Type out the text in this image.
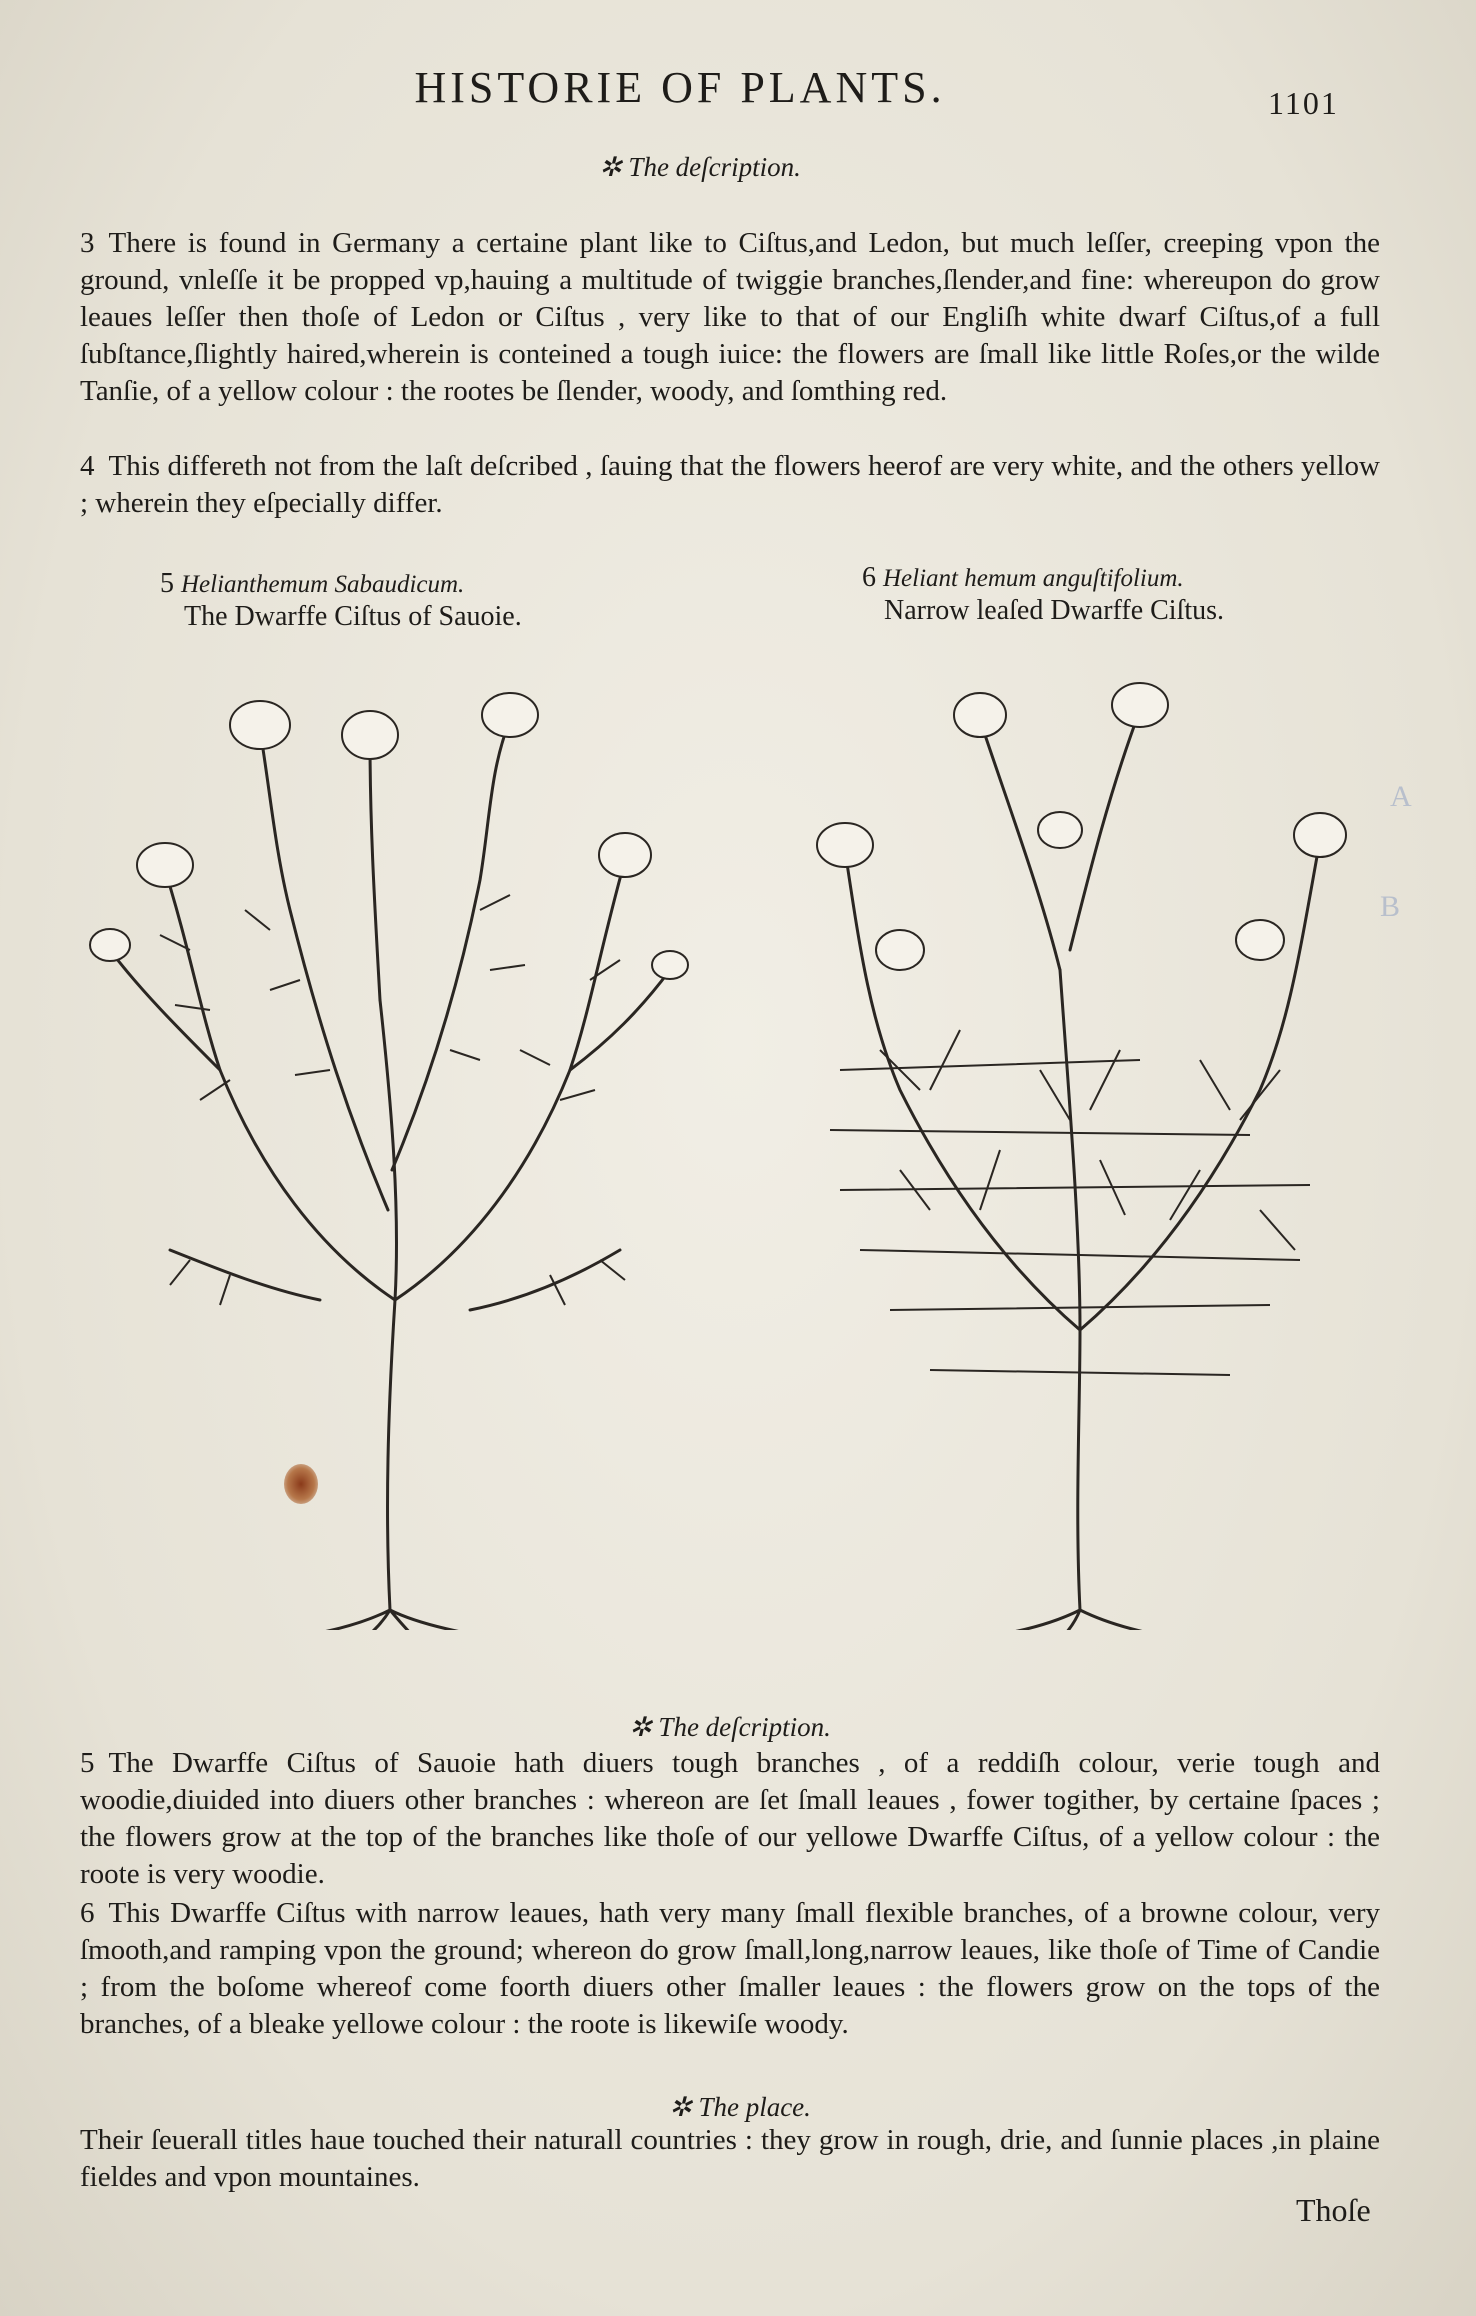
HISTORIE OF PLANTS.	1101
✲ The deſcription.
3 There is found in Germany a certaine plant like to Ciſtus,and Ledon, but much leſſer, creeping vpon the ground, vnleſſe it be propped vp,hauing a multitude of twiggie branches,ſlender,and fine: whereupon do grow leaues leſſer then thoſe of Ledon or Ciſtus , very like to that of our Engliſh white dwarf Ciſtus,of a full ſubſtance,ſlightly haired,wherein is conteined a tough iuice: the flowers are ſmall like little Roſes,or the wilde Tanſie, of a yellow colour : the rootes be ſlender, woody, and ſomthing red.
4 This differeth not from the laſt deſcribed , ſauing that the flowers heerof are very white, and the others yellow ; wherein they eſpecially differ.
5 Helianthemum Sabaudicum.
The Dwarffe Ciſtus of Sauoie.
6 Heliant hemum anguſtifolium.
Narrow leaſed Dwarffe Ciſtus.
A
B
✲ The deſcription.
5 The Dwarffe Ciſtus of Sauoie hath diuers tough branches , of a reddiſh colour, verie tough and woodie,diuided into diuers other branches : whereon are ſet ſmall leaues , fower togither, by certaine ſpaces ; the flowers grow at the top of the branches like thoſe of our yellowe Dwarffe Ciſtus, of a yellow colour : the roote is very woodie.
6 This Dwarffe Ciſtus with narrow leaues, hath very many ſmall flexible branches, of a browne colour, very ſmooth,and ramping vpon the ground; whereon do grow ſmall,long,narrow leaues, like thoſe of Time of Candie ; from the boſome whereof come foorth diuers other ſmaller leaues : the flowers grow on the tops of the branches, of a bleake yellowe colour : the roote is likewiſe woody.
✲ The place.
Their ſeuerall titles haue touched their naturall countries : they grow in rough, drie, and ſunnie places ,in plaine fieldes and vpon mountaines.
Thoſe
